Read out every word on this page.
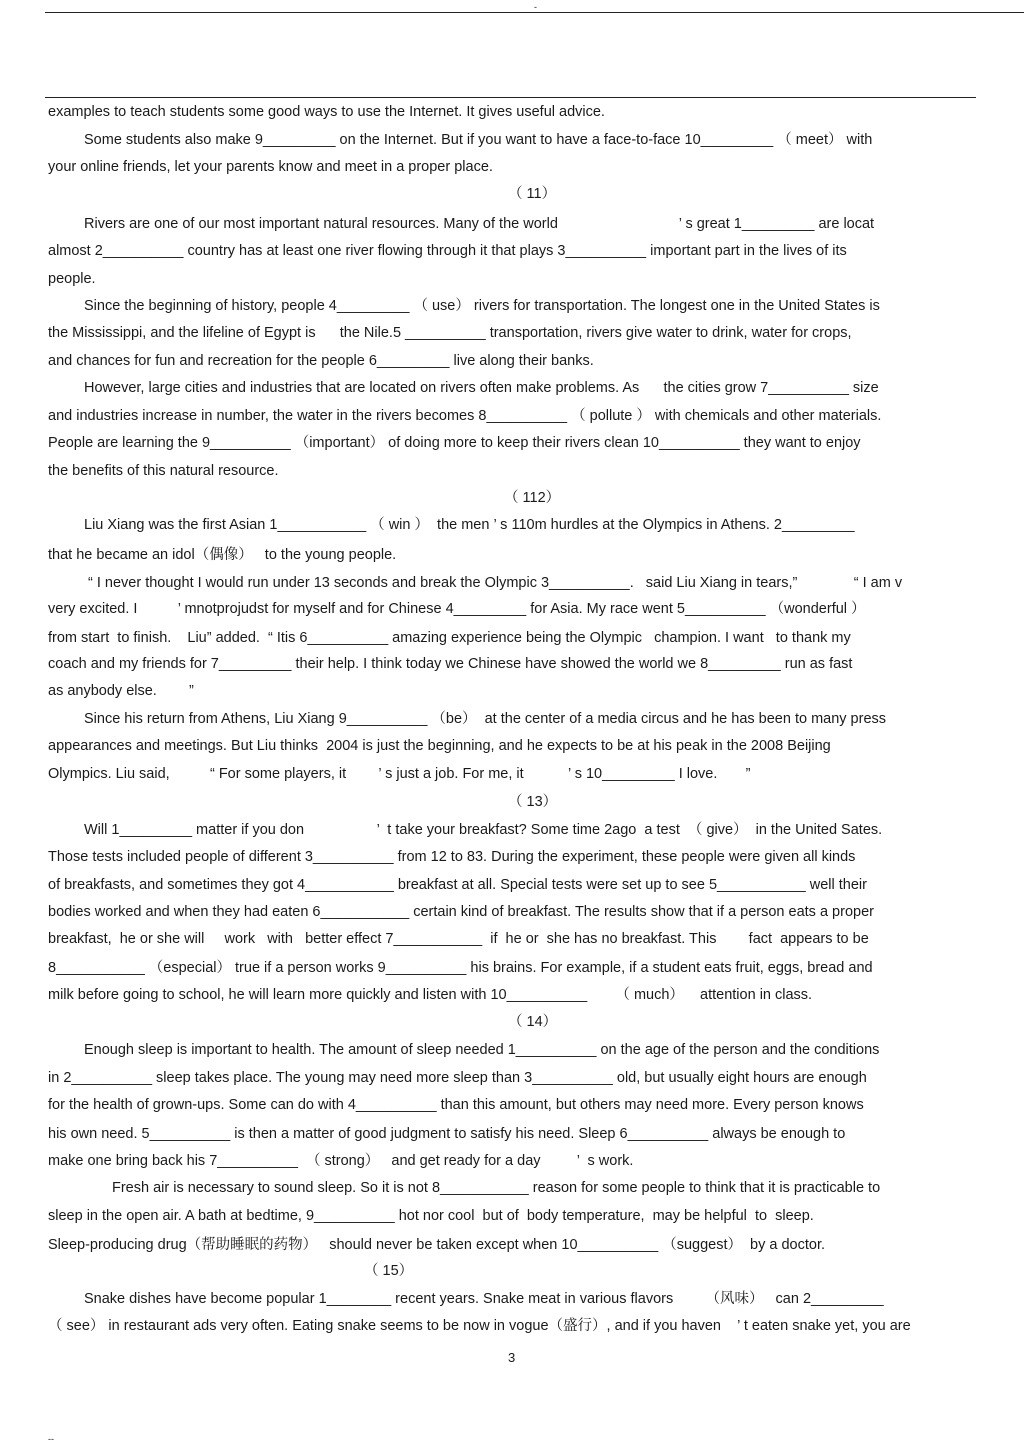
-
examples to teach students some good ways to use the Internet. It gives useful advice.
Some students also make 9_________ on the Internet. But if you want to have a face-to-face 10_________ （ meet） with
your online friends, let your parents know and meet in a proper place.
（ 11）
Rivers are one of our most important natural resources. Many of the world                              ’ s great 1_________ are locat
almost 2__________ country has at least one river flowing through it that plays 3__________ important part in the lives of its
people.
Since the beginning of history, people 4_________ （ use） rivers for transportation. The longest one in the United States is
the Mississippi, and the lifeline of Egypt is      the Nile.5 __________ transportation, rivers give water to drink, water for crops,
and chances for fun and recreation for the people 6_________ live along their banks.
However, large cities and industries that are located on rivers often make problems. As      the cities grow 7__________ size
and industries increase in number, the water in the rivers becomes 8__________ （ pollute ） with chemicals and other materials.
People are learning the 9__________ （important） of doing more to keep their rivers clean 10__________ they want to enjoy
the benefits of this natural resource.
（ 112）
Liu Xiang was the first Asian 1___________ （ win ）  the men ’ s 110m hurdles at the Olympics in Athens. 2_________
that he became an idol（偶像）   to the young people.
“ I never thought I would run under 13 seconds and break the Olympic 3__________.   said Liu Xiang in tears,”              “ I am v
very excited. I          ’ mnotprojudst for myself and for Chinese 4_________ for Asia. My race went 5__________ （wonderful ）
from start  to finish.    Liu” added.  “ Itis 6__________ amazing experience being the Olympic   champion. I want   to thank my
coach and my friends for 7_________ their help. I think today we Chinese have showed the world we 8_________ run as fast
as anybody else.        ”
Since his return from Athens, Liu Xiang 9__________ （be）  at the center of a media circus and he has been to many press
appearances and meetings. But Liu thinks  2004 is just the beginning, and he expects to be at his peak in the 2008 Beijing
Olympics. Liu said,          “ For some players, it        ’ s just a job. For me, it           ’ s 10_________ I love.       ”
（ 13）
Will 1_________ matter if you don                  ’  t take your breakfast? Some time 2ago  a test  （ give）  in the United Sates.
Those tests included people of different 3__________ from 12 to 83. During the experiment, these people were given all kinds
of breakfasts, and sometimes they got 4___________ breakfast at all. Special tests were set up to see 5___________ well their
bodies worked and when they had eaten 6___________ certain kind of breakfast. The results show that if a person eats a proper
breakfast,  he or she will     work   with   better effect 7___________  if  he or  she has no breakfast. This        fact  appears to be
8___________ （especial） true if a person works 9__________ his brains. For example, if a student eats fruit, eggs, bread and
milk before going to school, he will learn more quickly and listen with 10__________       （ much）    attention in class.
（ 14）
Enough sleep is important to health. The amount of sleep needed 1__________ on the age of the person and the conditions
in 2__________ sleep takes place. The young may need more sleep than 3__________ old, but usually eight hours are enough
for the health of grown-ups. Some can do with 4__________ than this amount, but others may need more. Every person knows
his own need. 5__________ is then a matter of good judgment to satisfy his need. Sleep 6__________ always be enough to
make one bring back his 7__________  （ strong）   and get ready for a day         ’  s work.
Fresh air is necessary to sound sleep. So it is not 8___________ reason for some people to think that it is practicable to
sleep in the open air. A bath at bedtime, 9__________ hot nor cool  but of  body temperature,  may be helpful  to  sleep.
Sleep-producing drug（帮助睡眠的药物）   should never be taken except when 10__________ （suggest）  by a doctor.
（ 15）
Snake dishes have become popular 1________ recent years. Snake meat in various flavors        （风味）   can 2_________
（ see） in restaurant ads very often. Eating snake seems to be now in vogue（盛行）, and if you haven    ’ t eaten snake yet, you are
3
--
